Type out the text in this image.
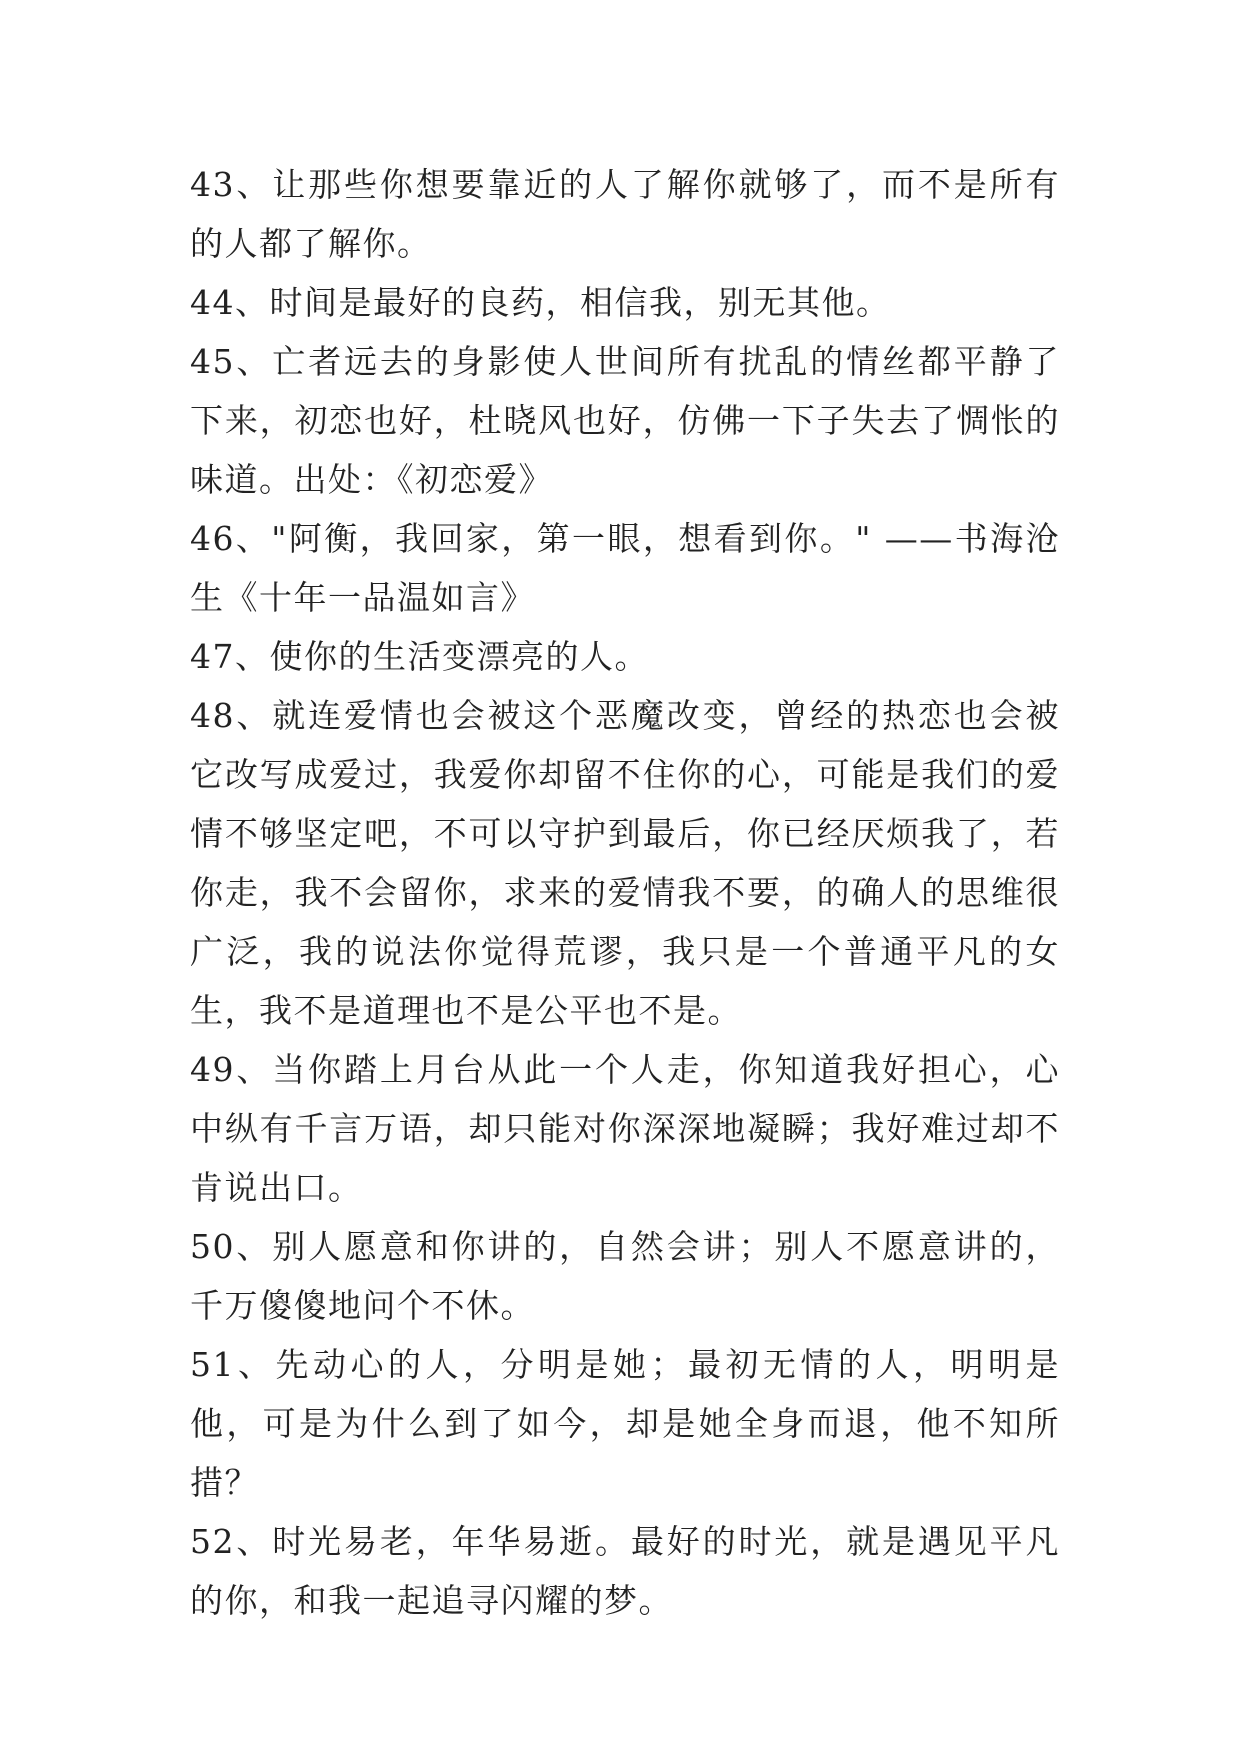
43、让那些你想要靠近的人了解你就够了，而不是所有的人都了解你。

44、时间是最好的良药，相信我，别无其他。

45、亡者远去的身影使人世间所有扰乱的情丝都平静了下来，初恋也好，杜晓风也好，仿佛一下子失去了惆怅的味道。出处：《初恋爱》

46、"阿衡，我回家，第一眼，想看到你。" ——书海沧生《十年一品温如言》

47、使你的生活变漂亮的人。

48、就连爱情也会被这个恶魔改变，曾经的热恋也会被它改写成爱过，我爱你却留不住你的心，可能是我们的爱情不够坚定吧，不可以守护到最后，你已经厌烦我了，若你走，我不会留你，求来的爱情我不要，的确人的思维很广泛，我的说法你觉得荒谬，我只是一个普通平凡的女生，我不是道理也不是公平也不是。

49、当你踏上月台从此一个人走，你知道我好担心，心中纵有千言万语，却只能对你深深地凝瞬；我好难过却不肯说出口。

50、别人愿意和你讲的，自然会讲；别人不愿意讲的，千万傻傻地问个不休。

51、先动心的人，分明是她；最初无情的人，明明是他，可是为什么到了如今，却是她全身而退，他不知所措？

52、时光易老，年华易逝。最好的时光，就是遇见平凡的你，和我一起追寻闪耀的梦。
